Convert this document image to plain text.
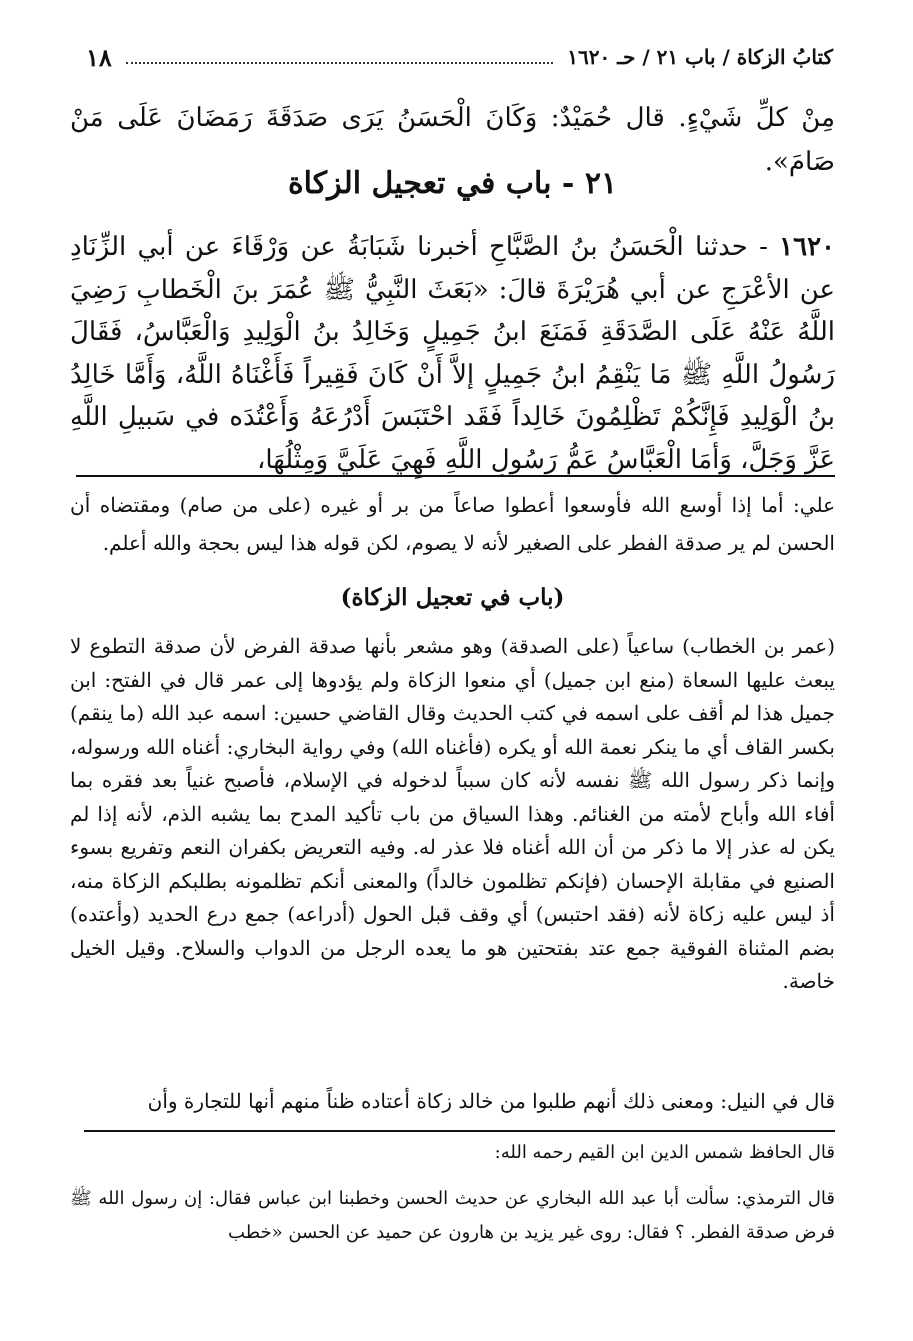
١٨	كتابُ الزكاة / باب ٢١ / حـ ١٦٢٠
مِنْ كلِّ شَيْءٍ. قال حُمَيْدٌ: وَكَانَ الْحَسَنُ يَرَى صَدَقَةَ رَمَضَانَ عَلَى مَنْ صَامَ».
٢١ - باب في تعجيل الزكاة
١٦٢٠ - حدثنا الْحَسَنُ بنُ الصَّبَّاحِ أخبرنا شَبَابَةُ عن وَرْقَاءَ عن أبي الزِّنَادِ عن الأعْرَجِ عن أبي هُرَيْرَةَ قالَ: «بَعَثَ النَّبِيُّ ﷺ عُمَرَ بنَ الْخَطابِ رَضِيَ اللَّهُ عَنْهُ عَلَى الصَّدَقَةِ فَمَنَعَ ابنُ جَمِيلٍ وَخَالِدُ بنُ الْوَلِيدِ وَالْعَبَّاسُ، فَقَالَ رَسُولُ اللَّهِ ﷺ مَا يَنْقِمُ ابنُ جَمِيلٍ إلاَّ أَنْ كَانَ فَقِيراً فَأَغْنَاهُ اللَّهُ، وَأَمَّا خَالِدُ بنُ الْوَلِيدِ فَإِنَّكُمْ تَظْلِمُونَ خَالِداً فَقَد احْتَبَسَ أَدْرُعَهُ وَأَعْتُدَه في سَبيلِ اللَّهِ عَزَّ وَجَلَّ، وَأمَا الْعَبَّاسُ عَمُّ رَسُولِ اللَّهِ فَهِيَ عَلَيَّ وَمِثْلُهَا،
علي: أما إذا أوسع الله فأوسعوا أعطوا صاعاً من بر أو غيره (على من صام) ومقتضاه أن الحسن لم ير صدقة الفطر على الصغير لأنه لا يصوم، لكن قوله هذا ليس بحجة والله أعلم.
(باب في تعجيل الزكاة)
(عمر بن الخطاب) ساعياً (على الصدقة) وهو مشعر بأنها صدقة الفرض لأن صدقة التطوع لا يبعث عليها السعاة (منع ابن جميل) أي منعوا الزكاة ولم يؤدوها إلى عمر قال في الفتح: ابن جميل هذا لم أقف على اسمه في كتب الحديث وقال القاضي حسين: اسمه عبد الله (ما ينقم) بكسر القاف أي ما ينكر نعمة الله أو يكره (فأغناه الله) وفي رواية البخاري: أغناه الله ورسوله، وإنما ذكر رسول الله ﷺ نفسه لأنه كان سبباً لدخوله في الإسلام، فأصبح غنياً بعد فقره بما أفاء الله وأباح لأمته من الغنائم. وهذا السياق من باب تأكيد المدح بما يشبه الذم، لأنه إذا لم يكن له عذر إلا ما ذكر من أن الله أغناه فلا عذر له. وفيه التعريض بكفران النعم وتفريع بسوء الصنيع في مقابلة الإحسان (فإنكم تظلمون خالداً) والمعنى أنكم تظلمونه بطلبكم الزكاة منه، أذ ليس عليه زكاة لأنه (فقد احتبس) أي وقف قبل الحول (أدراعه) جمع درع الحديد (وأعتده) بضم المثناة الفوقية جمع عتد بفتحتين هو ما يعده الرجل من الدواب والسلاح. وقيل الخيل خاصة.
قال في النيل: ومعنى ذلك أنهم طلبوا من خالد زكاة أعتاده ظناً منهم أنها للتجارة وأن
قال الحافظ شمس الدين ابن القيم رحمه الله:
قال الترمذي: سألت أبا عبد الله البخاري عن حديث الحسن وخطبنا ابن عباس فقال: إن رسول الله ﷺ فرض صدقة الفطر. ؟ فقال: روى غير يزيد بن هارون عن حميد عن الحسن «خطب
